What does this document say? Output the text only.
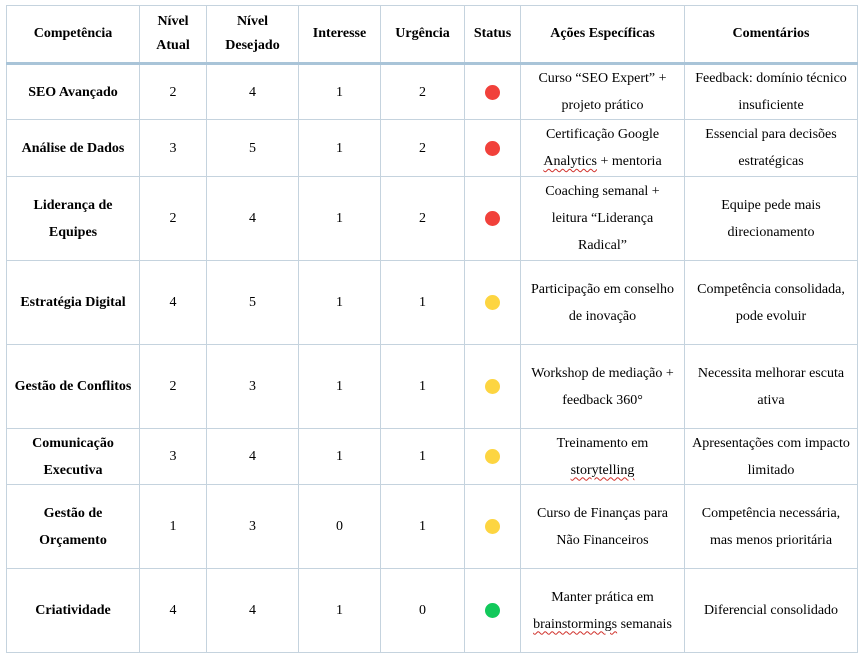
Competência	Nível Atual	Nível Desejado	Interesse	Urgência	Status	Ações Específicas	Comentários
SEO Avançado	2	4	1	2		Curso “SEO Expert” + projeto prático	Feedback: domínio técnico insuficiente
Análise de Dados	3	5	1	2		Certificação Google Analytics + mentoria	Essencial para decisões estratégicas
Liderança de Equipes	2	4	1	2		Coaching semanal + leitura “Liderança Radical”	Equipe pede mais direcionamento
Estratégia Digital	4	5	1	1		Participação em conselho de inovação	Competência consolidada, pode evoluir
Gestão de Conflitos	2	3	1	1		Workshop de mediação + feedback 360°	Necessita melhorar escuta ativa
Comunicação Executiva	3	4	1	1		Treinamento em storytelling	Apresentações com impacto limitado
Gestão de Orçamento	1	3	0	1		Curso de Finanças para Não Financeiros	Competência necessária, mas menos prioritária
Criatividade	4	4	1	0		Manter prática em brainstormings semanais	Diferencial consolidado
